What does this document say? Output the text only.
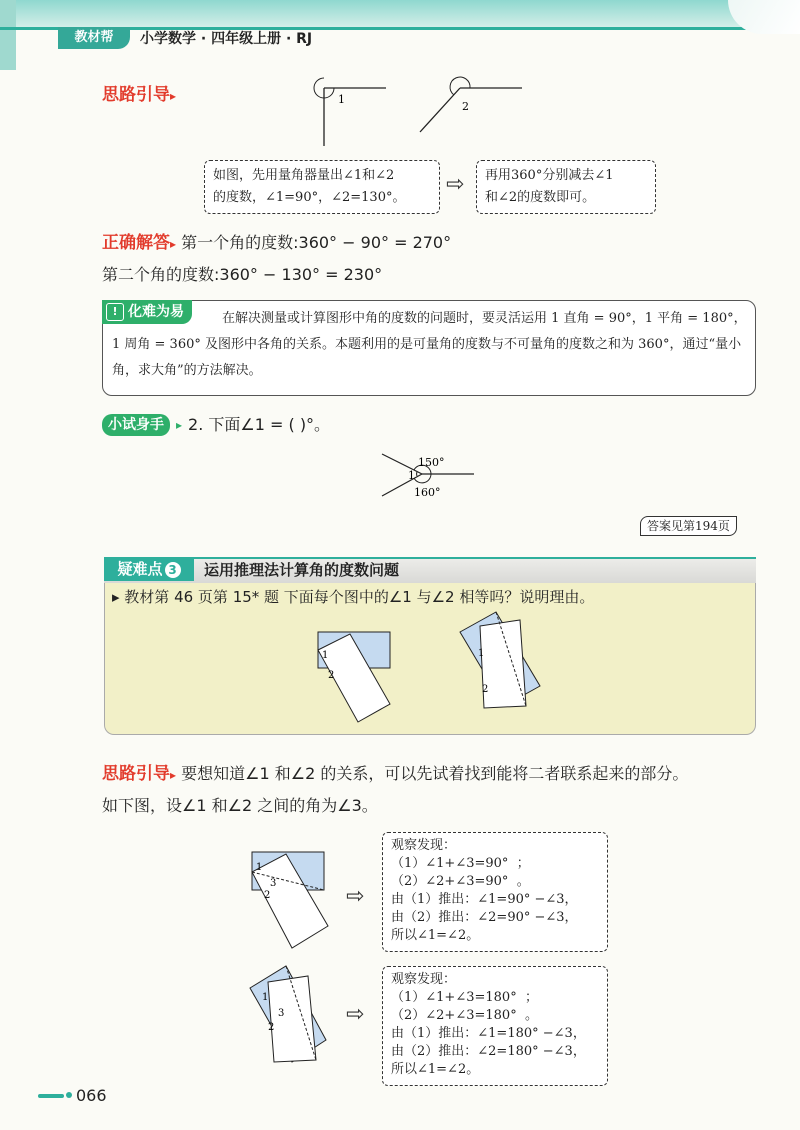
教材帮	小学数学 · 四年级上册 · RJ
思路引导▸	1
2
如图，先用量角器量出∠1和∠2
的度数，∠1=90°，∠2=130°。
⇨ 再用360°分别减去∠1
和∠2的度数即可。
正确解答▸ 第一个角的度数:360° − 90° = 270°
第二个角的度数:360° − 130° = 230°
! 化难为易	在解决测量或计算图形中角的度数的问题时，要灵活运用 1 直角 = 90°，1 平角 = 180°，1 周角 = 360° 及图形中各角的关系。本题利用的是可量角的度数与不可量角的度数之和为 360°，通过“量小角，求大角”的方法解决。
小试身手	▸ 2. 下面∠1 = ( )°。
150°
160°
1
答案见第194页
疑难点 3	运用推理法计算角的度数问题
▸ 教材第 46 页第 15* 题 下面每个图中的∠1 与∠2 相等吗？说明理由。
1
2
1
2
思路引导▸ 要想知道∠1 和∠2 的关系，可以先试着找到能将二者联系起来的部分。
如下图，设∠1 和∠2 之间的角为∠3。
1
3
2	⇨
观察发现：
（1）∠1+∠3=90°  ；
（2）∠2+∠3=90°  。
由（1）推出：∠1=90° −∠3，
由（2）推出：∠2=90° −∠3，
所以∠1=∠2。
1
3
2
⇨
观察发现：
（1）∠1+∠3=180°  ；
（2）∠2+∠3=180°  。
由（1）推出：∠1=180° −∠3，
由（2）推出：∠2=180° −∠3，
所以∠1=∠2。
066
